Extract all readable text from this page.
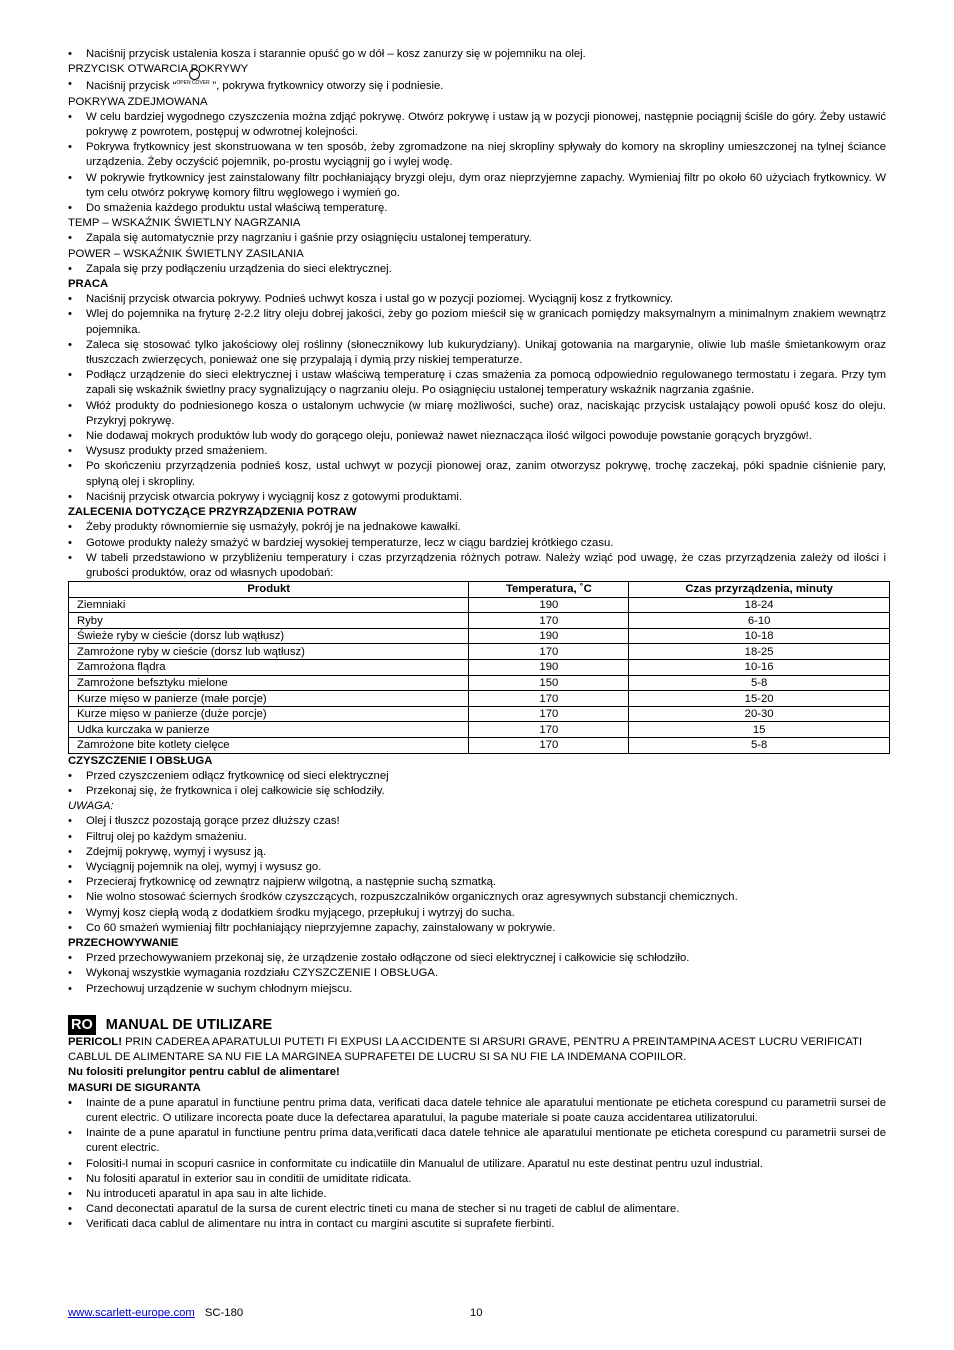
• Naciśnij przycisk ustalenia kosza i starannie opuść go w dół – kosz zanurzy się w pojemniku na olej.

PRZYCISK OTWARCIA POKRYWY

• Naciśnij przycisk “ OPEN COVER ”, pokrywa frytkownicy otworzy się i podniesie.

POKRYWA ZDEJMOWANA

• W celu bardziej wygodnego czyszczenia można zdjąć pokrywę. Otwórz pokrywę i ustaw ją w pozycji pionowej, następnie pociągnij ściśle do góry. Żeby ustawić pokrywę z powrotem, postępuj w odwrotnej kolejności.
• Pokrywa frytkownicy jest skonstruowana w ten sposób, żeby zgromadzone na niej skropliny spływały do komory na skropliny umieszczonej na tylnej ściance urządzenia. Żeby oczyścić pojemnik, po-prostu wyciągnij go i wylej wodę.
• W pokrywie frytkownicy jest zainstalowany filtr pochłaniający bryzgi oleju, dym oraz nieprzyjemne zapachy. Wymieniaj filtr po około 60 użyciach frytkownicy. W tym celu otwórz pokrywę komory filtru węglowego i wymień go.
• Do smażenia każdego produktu ustal właściwą temperaturę.

TEMP – WSKAŹNIK ŚWIETLNY NAGRZANIA

• Zapala się automatycznie przy nagrzaniu i gaśnie przy osiągnięciu ustalonej temperatury.

POWER – WSKAŹNIK ŚWIETLNY ZASILANIA

• Zapala się przy podłączeniu urządzenia do sieci elektrycznej.

PRACA

• Naciśnij przycisk otwarcia pokrywy. Podnieś uchwyt kosza i ustal go w pozycji poziomej. Wyciągnij kosz z frytkownicy.
• Wlej do pojemnika na fryturę 2-2.2 litry oleju dobrej jakości, żeby go poziom mieścił się w granicach pomiędzy maksymalnym a minimalnym znakiem wewnątrz pojemnika.
• Zaleca się stosować tylko jakościowy olej roślinny (słonecznikowy lub kukurydziany). Unikaj gotowania na margarynie, oliwie lub maśle śmietankowym oraz tłuszczach zwierzęcych, ponieważ one się przypalają i dymią przy niskiej temperaturze.
• Podłącz urządzenie do sieci elektrycznej i ustaw właściwą temperaturę i czas smażenia za pomocą odpowiednio regulowanego termostatu i zegara. Przy tym zapali się wskaźnik świetlny pracy sygnalizujący o nagrzaniu oleju. Po osiągnięciu ustalonej temperatury wskaźnik nagrzania zgaśnie.
• Włóż produkty do podniesionego kosza o ustalonym uchwycie (w miarę możliwości, suche) oraz, naciskając przycisk ustalający powoli opuść kosz do oleju. Przykryj pokrywę.
• Nie dodawaj mokrych produktów lub wody do gorącego oleju, ponieważ nawet nieznacząca ilość wilgoci powoduje powstanie gorących bryzgów!.
• Wysusz produkty przed smażeniem.
• Po skończeniu przyrządzenia podnieś kosz, ustal uchwyt w pozycji pionowej oraz, zanim otworzysz pokrywę, trochę zaczekaj, póki spadnie ciśnienie pary, spłyną olej i skropliny.
• Naciśnij przycisk otwarcia pokrywy i wyciągnij kosz z gotowymi produktami.

ZALECENIA DOTYCZĄCE PRZYRZĄDZENIA POTRAW

• Żeby produkty równomiernie się usmażyły, pokrój je na jednakowe kawałki.
• Gotowe produkty należy smażyć w bardziej wysokiej temperaturze, lecz w ciągu bardziej krótkiego czasu.
• W tabeli przedstawiono w przybliżeniu temperatury i czas przyrządzenia różnych potraw. Należy wziąć pod uwagę, że czas przyrządzenia zależy od ilości i grubości produktów, oraz od własnych upodobań:
Produkt	Temperatura, ˚C	Czas przyrządzenia, minuty
Ziemniaki	190	18-24
Ryby	170	6-10
Świeże ryby w cieście (dorsz lub wątłusz)	190	10-18
Zamrożone ryby w cieście (dorsz lub wątłusz)	170	18-25
Zamrożona flądra	190	10-16
Zamrożone befsztyku mielone	150	5-8
Kurze mięso w panierze (małe porcje)	170	15-20
Kurze mięso w panierze (duże porcje)	170	20-30
Udka kurczaka w panierze	170	15
Zamrożone bite kotlety cielęce	170	5-8

CZYSZCZENIE I OBSŁUGA

• Przed czyszczeniem odłącz frytkownicę od sieci elektrycznej
• Przekonaj się, że frytkownica i olej całkowicie się schłodziły.

UWAGA:

• Olej i tłuszcz pozostają gorące przez dłuższy czas!
• Filtruj olej po każdym smażeniu.
• Zdejmij pokrywę, wymyj i wysusz ją.
• Wyciągnij pojemnik na olej, wymyj i wysusz go.
• Przecieraj frytkownicę od zewnątrz najpierw wilgotną, a następnie suchą szmatką.
• Nie wolno stosować ściernych środków czyszczących, rozpuszczalników organicznych oraz agresywnych substancji chemicznych.
• Wymyj kosz ciepłą wodą z dodatkiem środku myjącego, przepłukuj i wytrzyj do sucha.
• Co 60 smażeń wymieniaj filtr pochłaniający nieprzyjemne zapachy, zainstalowany w pokrywie.

PRZECHOWYWANIE

• Przed przechowywaniem przekonaj się, że urządzenie zostało odłączone od sieci elektrycznej i całkowicie się schłodziło.
• Wykonaj wszystkie wymagania rozdziału CZYSZCZENIE I OBSŁUGA.
• Przechowuj urządzenie w suchym chłodnym miejscu.
RO MANUAL DE UTILIZARE

PERICOL! PRIN CADEREA APARATULUI PUTETI FI EXPUSI LA ACCIDENTE SI ARSURI GRAVE, PENTRU A PREINTAMPINA ACEST LUCRU VERIFICATI CABLUL DE ALIMENTARE SA NU FIE LA MARGINEA SUPRAFETEI DE LUCRU SI SA NU FIE LA INDEMANA COPIILOR.

Nu folositi prelungitor pentru cablul de alimentare!

MASURI DE SIGURANTA

• Inainte de a pune aparatul in functiune pentru prima data, verificati daca datele tehnice ale aparatului mentionate pe eticheta corespund cu parametrii sursei de curent electric. O utilizare incorecta poate duce la defectarea aparatului, la pagube materiale si poate cauza accidentarea utilizatorului.
• Inainte de a pune aparatul in functiune pentru prima data,verificati daca datele tehnice ale aparatului mentionate pe eticheta corespund cu parametrii sursei de curent electric.
• Folositi-l numai in scopuri casnice in conformitate cu indicatiile din Manualul de utilizare. Aparatul nu este destinat pentru uzul industrial.
• Nu folositi aparatul in exterior sau in conditii de umiditate ridicata.
• Nu introduceti aparatul in apa sau in alte lichide.
• Cand deconectati aparatul de la sursa de curent electric tineti cu mana de stecher si nu trageti de cablul de alimentare.
• Verificati daca cablul de alimentare nu intra in contact cu margini ascutite si suprafete fierbinti.
www.scarlett-europe.com SC-180	10
